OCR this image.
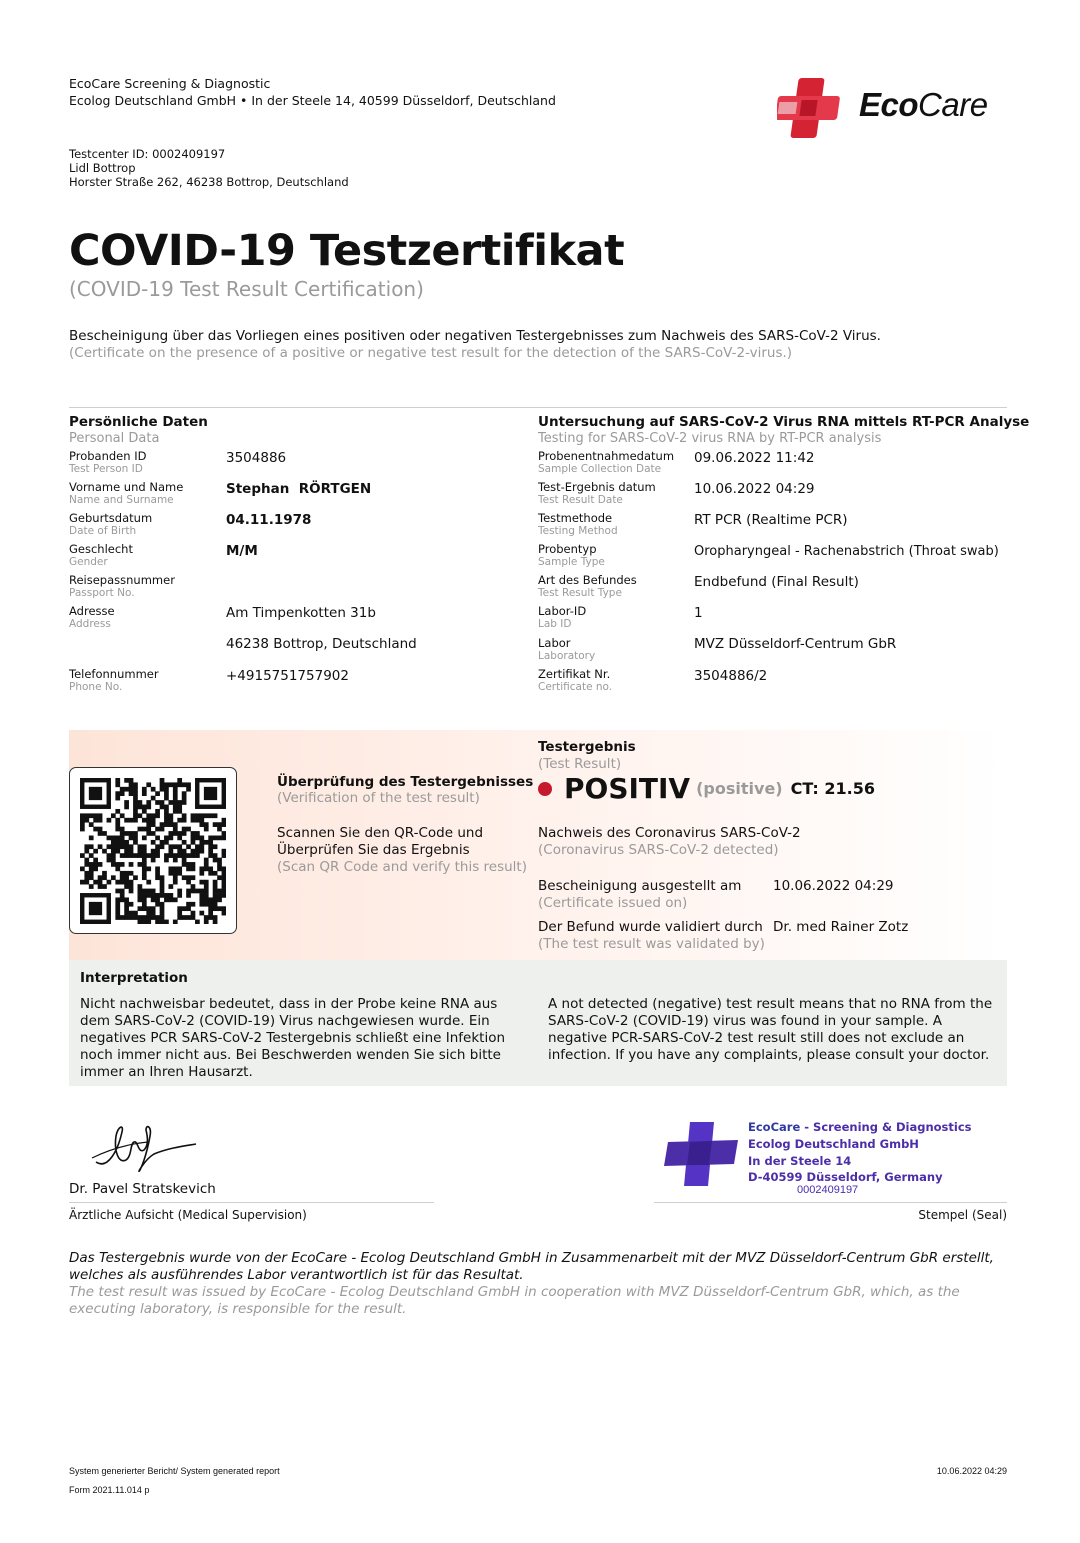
EcoCare Screening & Diagnostic
Ecolog Deutschland GmbH • In der Steele 14, 40599 Düsseldorf, Deutschland	EcoCare
Testcenter ID: 0002409197
Lidl Bottrop
Horster Straße 262, 46238 Bottrop, Deutschland
COVID-19 Testzertifikat
(COVID-19 Test Result Certification)
Bescheinigung über das Vorliegen eines positiven oder negativen Testergebnisses zum Nachweis des SARS-CoV-2 Virus.
(Certificate on the presence of a positive or negative test result for the detection of the SARS-CoV-2-virus.)
Persönliche Daten
Personal Data
Probanden ID
Test Person ID
3504886
Vorname und Name
Name and Surname
Stephan  RÖRTGEN
Geburtsdatum
Date of Birth
04.11.1978
Geschlecht
Gender
M/M
Reisepassnummer
Passport No.
Adresse
Address
Am Timpenkotten 31b
46238 Bottrop, Deutschland
Telefonnummer
Phone No.
+4915751757902
Untersuchung auf SARS-CoV-2 Virus RNA mittels RT-PCR Analyse
Testing for SARS-CoV-2 virus RNA by RT-PCR analysis
Probenentnahmedatum
Sample Collection Date
09.06.2022 11:42
Test-Ergebnis datum
Test Result Date
10.06.2022 04:29
Testmethode
Testing Method
RT PCR (Realtime PCR)
Probentyp
Sample Type
Oropharyngeal - Rachenabstrich (Throat swab)
Art des Befundes
Test Result Type
Endbefund (Final Result)
Labor-ID
Lab ID
1
Labor
Laboratory
MVZ Düsseldorf-Centrum GbR
Zertifikat Nr.
Certificate no.
3504886/2
Überprüfung des Testergebnisses
(Verification of the test result)
Scannen Sie den QR-Code und
Überprüfen Sie das Ergebnis
(Scan QR Code and verify this result)
Testergebnis
(Test Result)
POSITIV (positive) CT: 21.56
Nachweis des Coronavirus SARS-CoV-2
(Coronavirus SARS-CoV-2 detected)
Bescheinigung ausgestellt am
(Certificate issued on)
10.06.2022 04:29
Der Befund wurde validiert durch
(The test result was validated by)
Dr. med Rainer Zotz
Interpretation
Nicht nachweisbar bedeutet, dass in der Probe keine RNA aus dem SARS-CoV-2 (COVID-19) Virus nachgewiesen wurde. Ein negatives PCR SARS-CoV-2 Testergebnis schließt eine Infektion noch immer nicht aus. Bei Beschwerden wenden Sie sich bitte immer an Ihren Hausarzt.
A not detected (negative) test result means that no RNA from the SARS-CoV-2 (COVID-19) virus was found in your sample. A negative PCR-SARS-CoV-2 test result still does not exclude an infection. If you have any complaints, please consult your doctor.
Dr. Pavel Stratskevich
Ärztliche Aufsicht (Medical Supervision)
EcoCare - Screening & Diagnostics
Ecolog Deutschland GmbH
In der Steele 14
D-40599 Düsseldorf, Germany
0002409197
Stempel (Seal)
Das Testergebnis wurde von der EcoCare - Ecolog Deutschland GmbH in Zusammenarbeit mit der MVZ Düsseldorf-Centrum GbR erstellt, welches als ausführendes Labor verantwortlich ist für das Resultat.
The test result was issued by EcoCare - Ecolog Deutschland GmbH in cooperation with MVZ Düsseldorf-Centrum GbR, which, as the executing laboratory, is responsible for the result.
System generierter Bericht/ System generated report	10.06.2022 04:29
Form 2021.11.014 p
